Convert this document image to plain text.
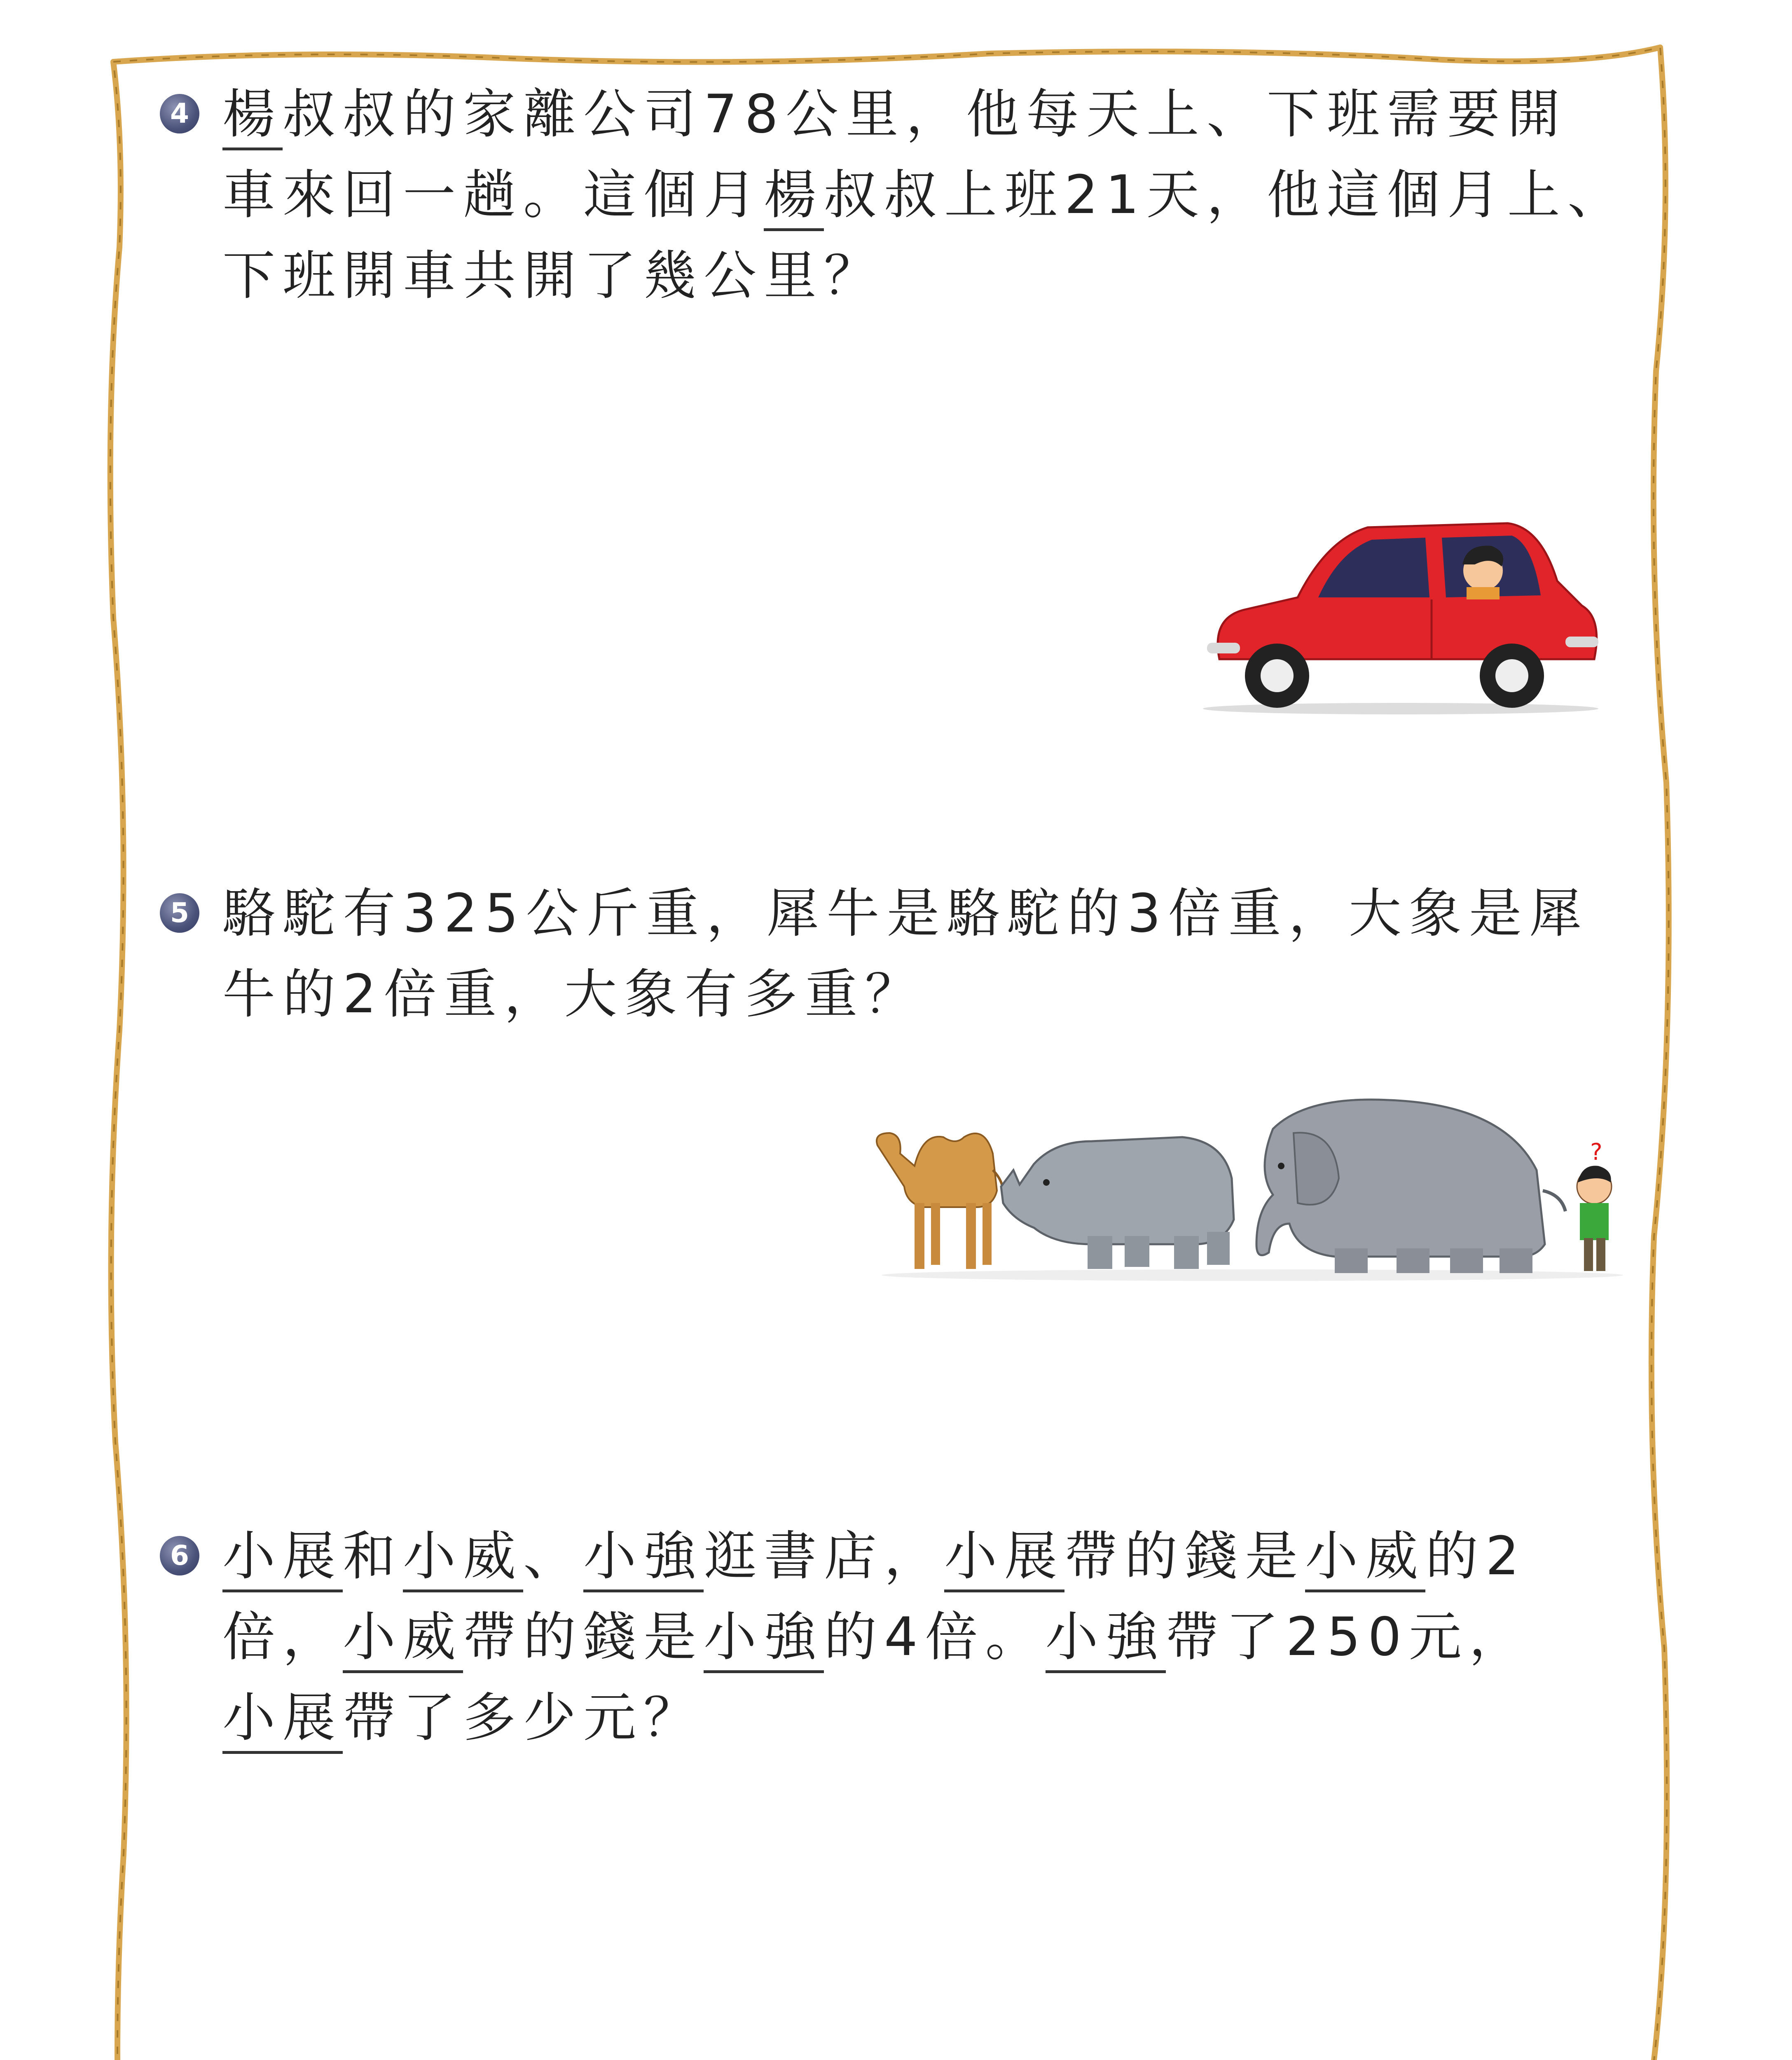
4 楊叔叔的家離公司78公里，他每天上、下班需要開

車來回一趟。這個月楊叔叔上班21天，他這個月上、

下班開車共開了幾公里？

5 駱駝有325公斤重，犀牛是駱駝的3倍重，大象是犀

牛的2倍重，大象有多重？

?
6 小展和小威、小強逛書店，小展帶的錢是小威的2

倍，小威帶的錢是小強的4倍。小強帶了250元，

小展帶了多少元？
